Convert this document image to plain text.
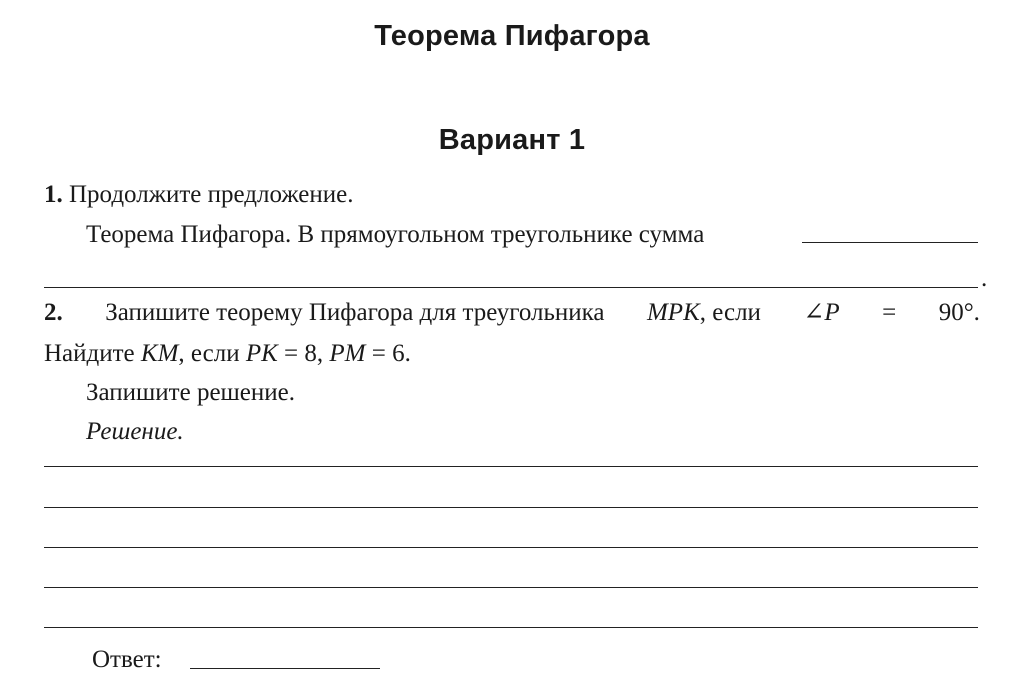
Теорема Пифагора
Вариант 1
1. Продолжите предложение.
Теорема Пифагора. В прямоугольном треугольнике сумма
.
2. Запишите теорему Пифагора для треугольника MPK, если ∠P = 90°.
Найдите KM, если PK = 8, PM = 6.
Запишите решение.
Решение.
Ответ:
